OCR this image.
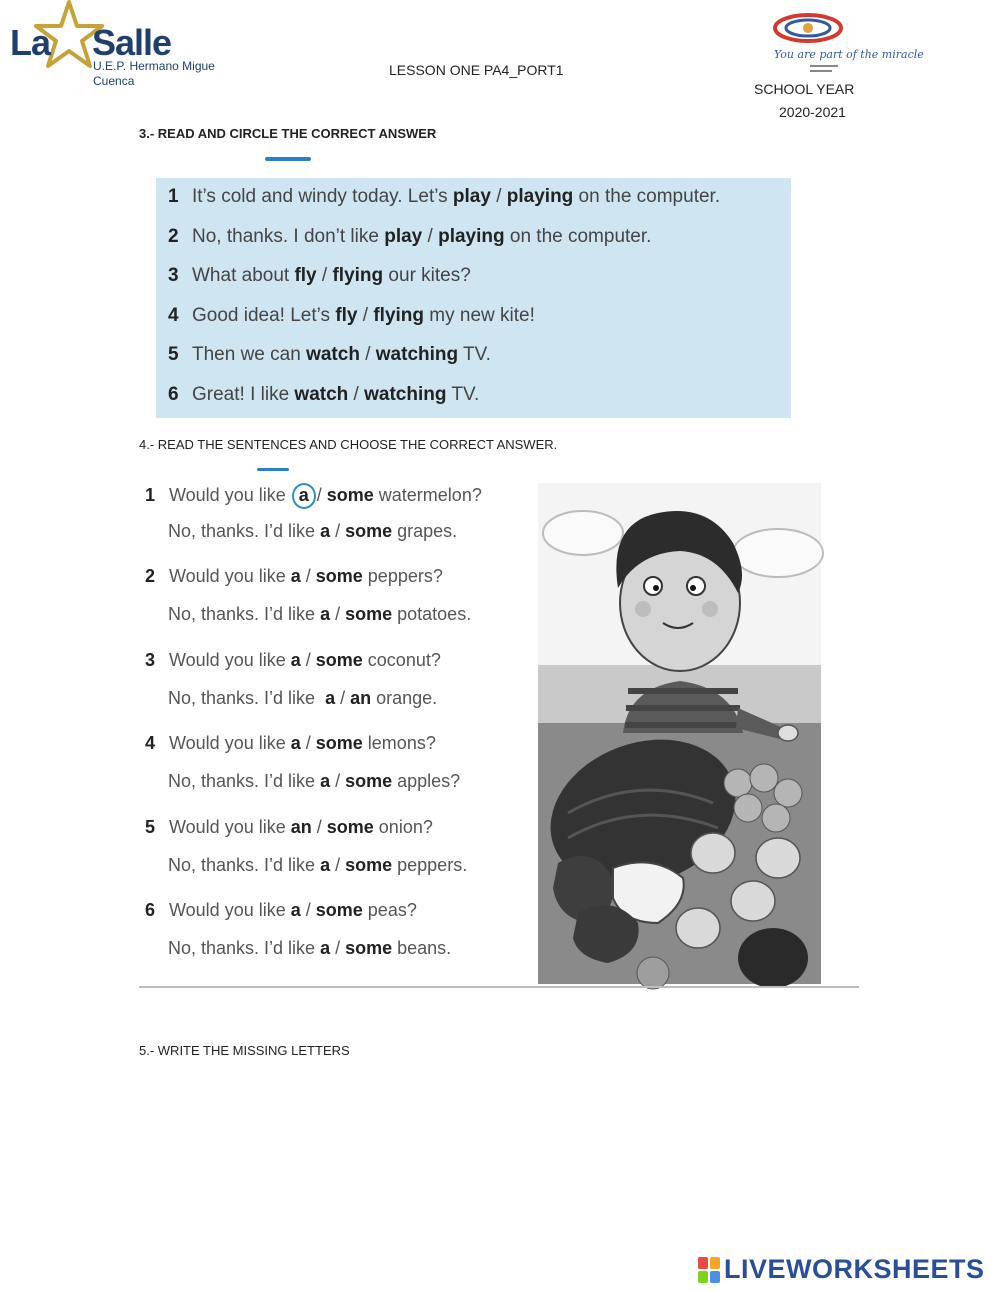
La Salle
U.E.P. Hermano Migue
Cuenca
LESSON ONE PA4_PORT1
You are part of the miracle
SCHOOL YEAR
2020-2021
3.- READ AND CIRCLE THE CORRECT ANSWER
1 It’s cold and windy today. Let’s play / playing on the computer.
2 No, thanks. I don’t like play / playing on the computer.
3 What about fly / flying our kites?
4 Good idea! Let’s fly / flying my new kite!
5 Then we can watch / watching TV.
6 Great! I like watch / watching TV.
4.- READ THE SENTENCES AND CHOOSE THE CORRECT ANSWER.
1 Would you like a / some watermelon?
No, thanks. I’d like a / some grapes.
2 Would you like a / some peppers?
No, thanks. I’d like a / some potatoes.
3 Would you like a / some coconut?
No, thanks. I’d like  a / an orange.
4 Would you like a / some lemons?
No, thanks. I’d like a / some apples?
5 Would you like an / some onion?
No, thanks. I’d like a / some peppers.
6 Would you like a / some peas?
No, thanks. I’d like a / some beans.
5.- WRITE THE MISSING LETTERS
LIVEWORKSHEETS
